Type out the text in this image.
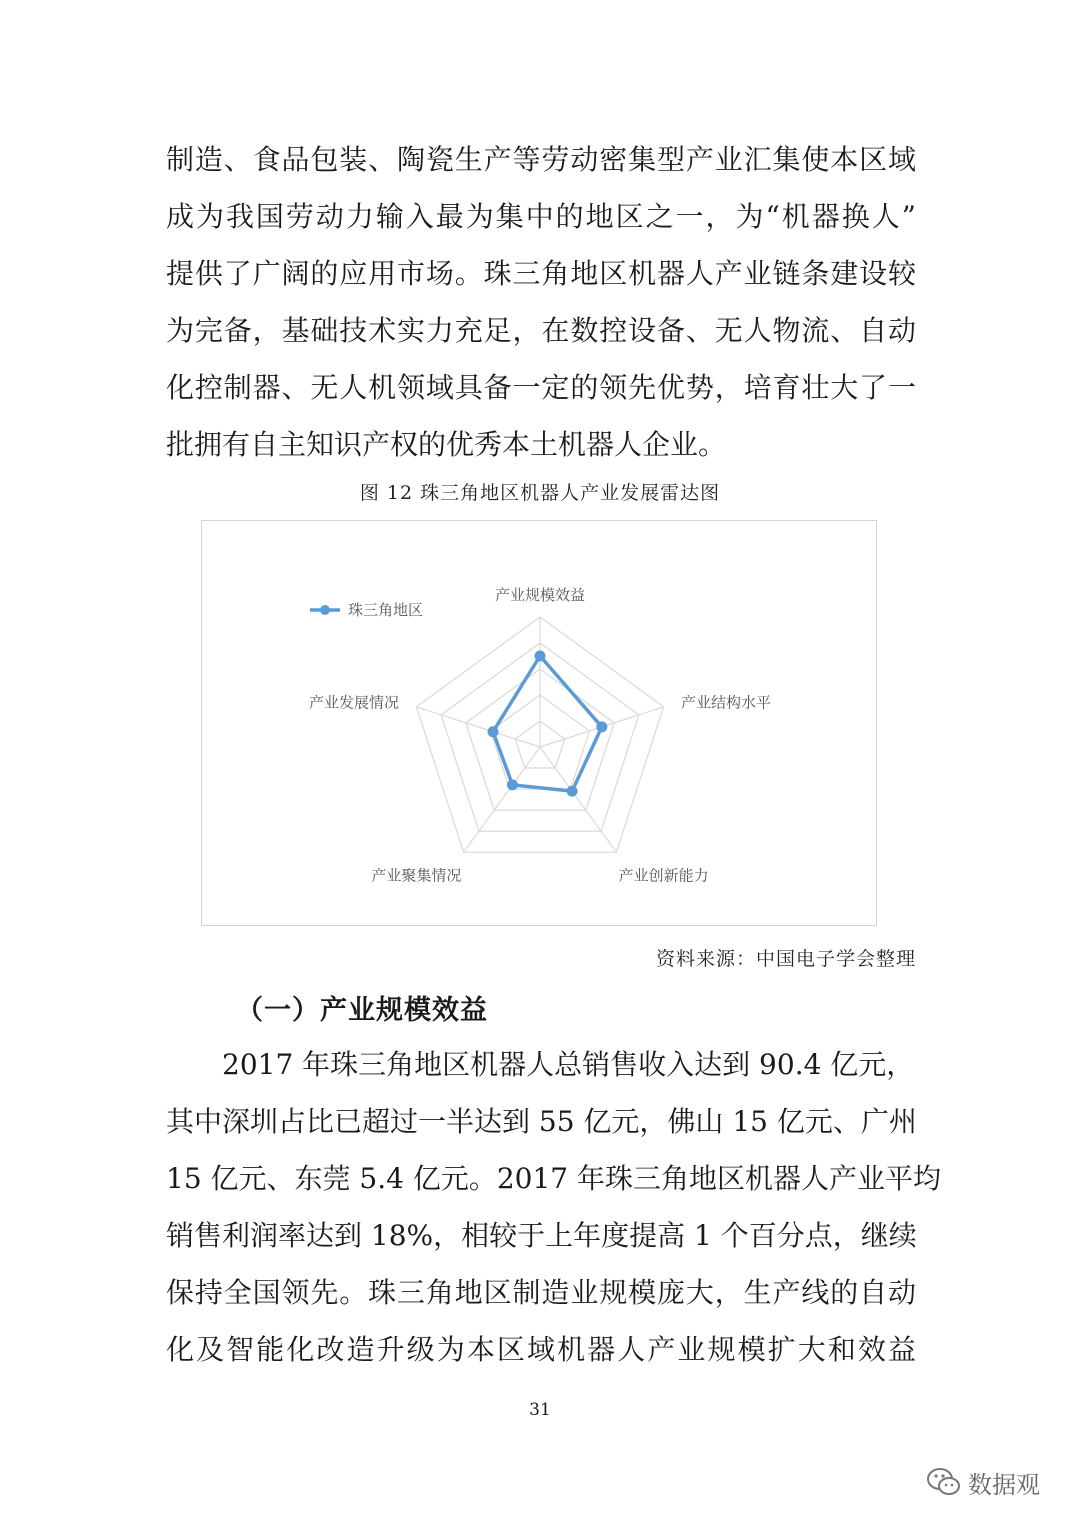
制造、食品包装、陶瓷生产等劳动密集型产业汇集使本区域
成为我国劳动力输入最为集中的地区之一，为“机器换人”
提供了广阔的应用市场。珠三角地区机器人产业链条建设较
为完备，基础技术实力充足，在数控设备、无人物流、自动
化控制器、无人机领域具备一定的领先优势，培育壮大了一
批拥有自主知识产权的优秀本土机器人企业。
图 12 珠三角地区机器人产业发展雷达图
产业规模效益
产业结构水平
产业创新能力
产业聚集情况
产业发展情况
珠三角地区
资料来源：中国电子学会整理
（一）产业规模效益
2017 年珠三角地区机器人总销售收入达到 90.4 亿元，
其中深圳占比已超过一半达到 55 亿元，佛山 15 亿元、广州
15 亿元、东莞 5.4 亿元。2017 年珠三角地区机器人产业平均
销售利润率达到 18%，相较于上年度提高 1 个百分点，继续
保持全国领先。珠三角地区制造业规模庞大，生产线的自动
化及智能化改造升级为本区域机器人产业规模扩大和效益
31
数据观
